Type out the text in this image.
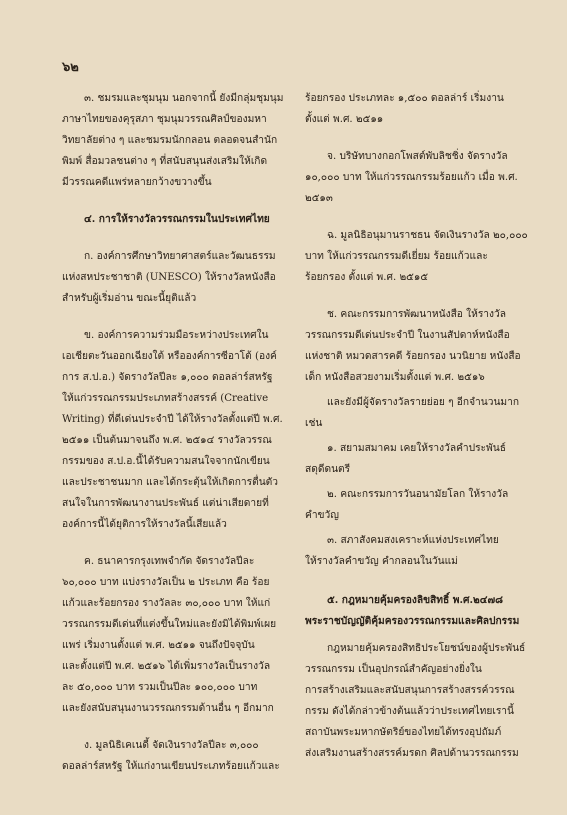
๖๒
๓. ชมรมและชุมนุม นอกจากนี้ ยังมีกลุ่มชุมนุม
ภาษาไทยของคุรุสภา ชุมนุมวรรณศิลป์ของมหา
วิทยาลัยต่าง ๆ และชมรมนักกลอน ตลอดจนสำนัก
พิมพ์ สื่อมวลชนต่าง ๆ ที่สนับสนุนส่งเสริมให้เกิด
มีวรรณคดีแพร่หลายกว้างขวางขึ้น
๔. การให้รางวัลวรรณกรรมในประเทศไทย
ก. องค์การศึกษาวิทยาศาสตร์และวัฒนธรรม
แห่งสหประชาชาติ (UNESCO) ให้รางวัลหนังสือ
สำหรับผู้เริ่มอ่าน ขณะนี้ยุติแล้ว
ข. องค์การความร่วมมือระหว่างประเทศใน
เอเชียตะวันออกเฉียงใต้ หรือองค์การซีอาโต้ (องค์
การ ส.ป.อ.) จัดรางวัลปีละ ๑,๐๐๐ ดอลล่าร์สหรัฐ
ให้แก่วรรณกรรมประเภทสร้างสรรค์ (Creative
Writing) ที่ดีเด่นประจำปี ได้ให้รางวัลตั้งแต่ปี พ.ศ.
๒๕๑๑ เป็นต้นมาจนถึง พ.ศ. ๒๕๑๔ รางวัลวรรณ
กรรมของ ส.ป.อ.นี้ได้รับความสนใจจากนักเขียน
และประชาชนมาก และได้กระตุ้นให้เกิดการตื่นตัว
สนใจในการพัฒนางานประพันธ์ แต่น่าเสียดายที่
องค์การนี้ได้ยุติการให้รางวัลนี้เสียแล้ว
ค. ธนาคารกรุงเทพจำกัด จัดรางวัลปีละ
๖๐,๐๐๐ บาท แบ่งรางวัลเป็น ๒ ประเภท คือ ร้อย
แก้วและร้อยกรอง รางวัลละ ๓๐,๐๐๐ บาท ให้แก่
วรรณกรรมดีเด่นที่แต่งขึ้นใหม่และยังมิได้พิมพ์เผย
แพร่ เริ่มงานตั้งแต่ พ.ศ. ๒๕๑๑ จนถึงปัจจุบัน
และตั้งแต่ปี พ.ศ. ๒๕๑๖ ได้เพิ่มรางวัลเป็นรางวัล
ละ ๕๐,๐๐๐ บาท รวมเป็นปีละ ๑๐๐,๐๐๐ บาท
และยังสนับสนุนงานวรรณกรรมด้านอื่น ๆ อีกมาก
ง. มูลนิธิเคเนดี้ จัดเงินรางวัลปีละ ๓,๐๐๐
ดอลล่าร์สหรัฐ ให้แก่งานเขียนประเภทร้อยแก้วและ
ร้อยกรอง ประเภทละ ๑,๕๐๐ ดอลล่าร์ เริ่มงาน
ตั้งแต่ พ.ศ. ๒๕๑๑
จ. บริษัทบางกอกโพสต์พับลิชชิ่ง จัดรางวัล
๑๐,๐๐๐ บาท ให้แก่วรรณกรรมร้อยแก้ว เมื่อ พ.ศ.
๒๕๑๓
ฉ. มูลนิธิอนุมานราชธน จัดเงินรางวัล ๒๐,๐๐๐
บาท ให้แก่วรรณกรรมดีเยี่ยม ร้อยแก้วและ
ร้อยกรอง ตั้งแต่ พ.ศ. ๒๕๑๕
ช. คณะกรรมการพัฒนาหนังสือ ให้รางวัล
วรรณกรรมดีเด่นประจำปี ในงานสัปดาห์หนังสือ
แห่งชาติ หมวดสารคดี ร้อยกรอง นวนิยาย หนังสือ
เด็ก หนังสือสวยงามเริ่มตั้งแต่ พ.ศ. ๒๕๑๖
และยังมีผู้จัดรางวัลรายย่อย ๆ อีกจำนวนมาก
เช่น
๑. สยามสมาคม เคยให้รางวัลคำประพันธ์
สดุดีดนตรี
๒. คณะกรรมการวันอนามัยโลก ให้รางวัล
คำขวัญ
๓. สภาสังคมสงเคราะห์แห่งประเทศไทย
ให้รางวัลคำขวัญ คำกลอนในวันแม่
๕. กฎหมายคุ้มครองลิขสิทธิ์ พ.ศ.๒๔๗๘
พระราชบัญญัติคุ้มครองวรรณกรรมและศิลปกรรม
กฎหมายคุ้มครองสิทธิประโยชน์ของผู้ประพันธ์
วรรณกรรม เป็นอุปกรณ์สำคัญอย่างยิ่งใน
การสร้างเสริมและสนับสนุนการสร้างสรรค์วรรณ
กรรม ดังได้กล่าวข้างต้นแล้วว่าประเทศไทยเรานี้
สถาบันพระมหากษัตริย์ของไทยได้ทรงอุปถัมภ์
ส่งเสริมงานสร้างสรรค์มรดก ศิลปด้านวรรณกรรม
